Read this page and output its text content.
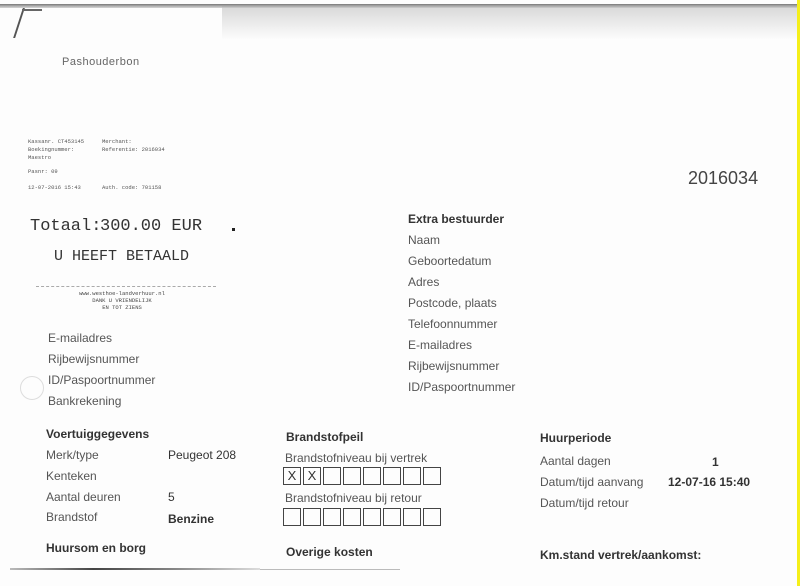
Pashouderbon
Kassanr. CT453145	Merchant:
Boekingnummer:	Referentie: 2016034
Maestro
Pasnr: 09
12-07-2016 15:43	Auth. code: 701158
Totaal:
300.00 EUR
U HEEFT BETAALD
www.westhoe-landverhuur.nl
DANK U VRIENDELIJK
EN TOT ZIENS
2016034
E-mailadres
Rijbewijsnummer
ID/Paspoortnummer
Bankrekening
Extra bestuurder
Naam
Geboortedatum
Adres
Postcode, plaats
Telefoonnummer
E-mailadres
Rijbewijsnummer
ID/Paspoortnummer
Voertuiggegevens
Merk/type	Peugeot 208
Kenteken
Aantal deuren	5
Brandstof	Benzine
Brandstofpeil
Brandstofniveau bij vertrek
X X
Brandstofniveau bij retour
Huurperiode
Aantal dagen	1
Datum/tijd aanvang 12-07-16 15:40
Datum/tijd retour
Huursom en borg	Overige kosten	Km.stand vertrek/aankomst:
